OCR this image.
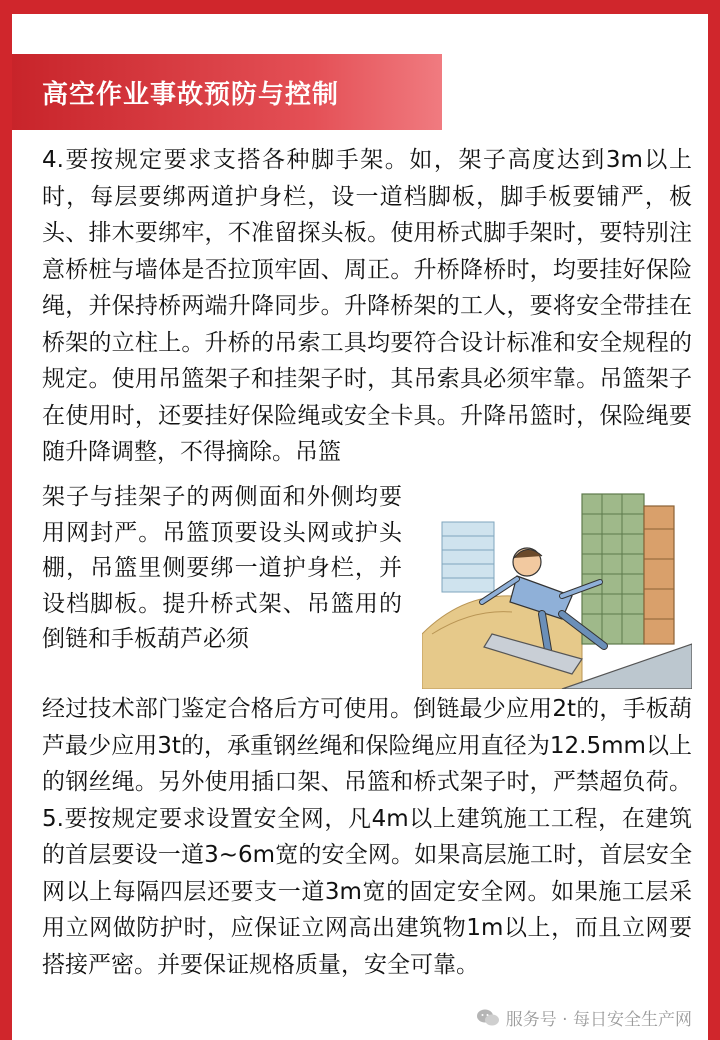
高空作业事故预防与控制

4.要按规定要求支搭各种脚手架。如，架子高度达到3m以上时，每层要绑两道护身栏，设一道档脚板，脚手板要铺严，板头、排木要绑牢，不准留探头板。使用桥式脚手架时，要特别注意桥桩与墙体是否拉顶牢固、周正。升桥降桥时，均要挂好保险绳，并保持桥两端升降同步。升降桥架的工人，要将安全带挂在桥架的立柱上。升桥的吊索工具均要符合设计标准和安全规程的规定。使用吊篮架子和挂架子时，其吊索具必须牢靠。吊篮架子在使用时，还要挂好保险绳或安全卡具。升降吊篮时，保险绳要随升降调整，不得摘除。吊篮

架子与挂架子的两侧面和外侧均要用网封严。吊篮顶要设头网或护头棚，吊篮里侧要绑一道护身栏，并设档脚板。提升桥式架、吊篮用的倒链和手板葫芦必须

经过技术部门鉴定合格后方可使用。倒链最少应用2t的，手板葫芦最少应用3t的，承重钢丝绳和保险绳应用直径为12.5mm以上的钢丝绳。另外使用插口架、吊篮和桥式架子时，严禁超负荷。5.要按规定要求设置安全网，凡4m以上建筑施工工程，在建筑的首层要设一道3~6m宽的安全网。如果高层施工时，首层安全网以上每隔四层还要支一道3m宽的固定安全网。如果施工层采用立网做防护时，应保证立网高出建筑物1m以上，而且立网要搭接严密。并要保证规格质量，安全可靠。

服务号 · 每日安全生产网
